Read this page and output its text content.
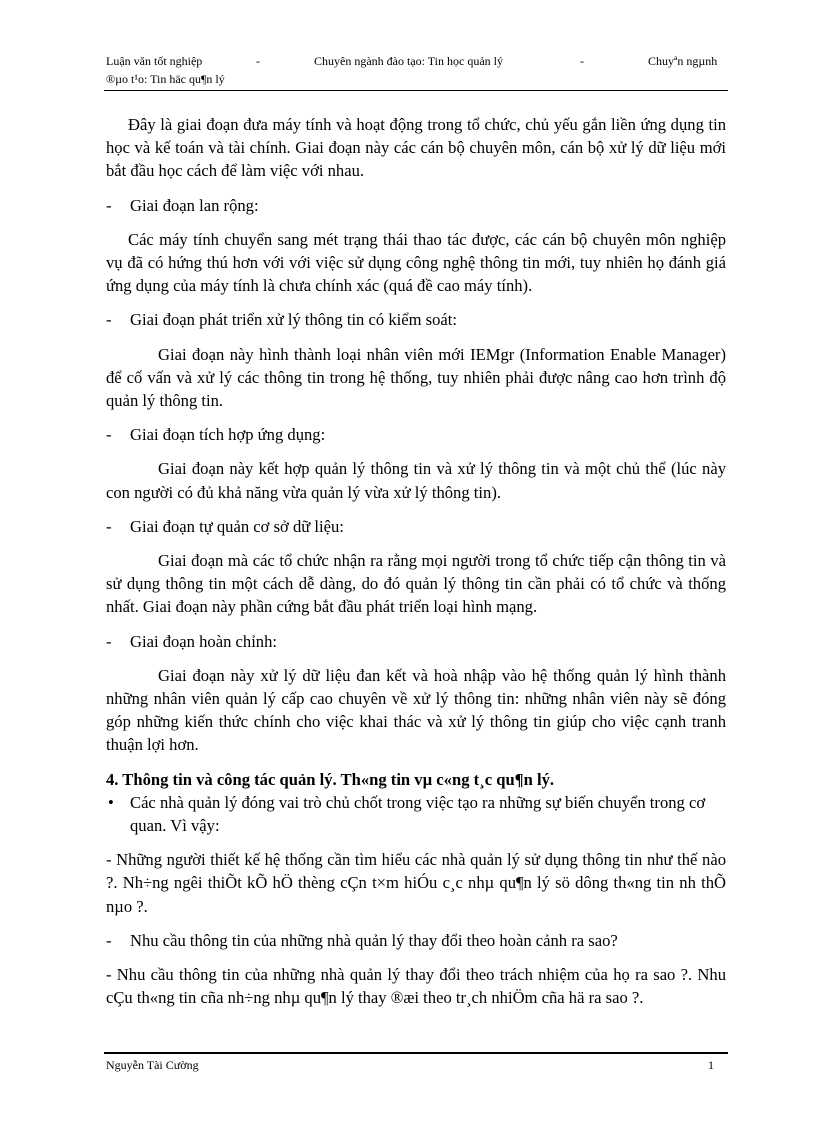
Luận văn tốt nghiệp
®µo t¹o: Tin häc qu¶n lý
-	Chuyên ngành đào tạo: Tin học quản lý	-	Chuyªn ngµnh

Đây là giai đoạn đưa máy tính và hoạt động trong tổ chức, chủ yếu gắn liền ứng dụng tin học và kế toán và tài chính. Giai đoạn này các cán bộ chuyên môn, cán bộ xử lý dữ liệu mới bắt đầu học cách để làm việc với nhau.

-	Giai đoạn lan rộng:

Các máy tính chuyển sang mét trạng thái thao tác được, các cán bộ chuyên môn nghiệp vụ đã có hứng thú hơn với với việc sử dụng công nghệ thông tin mới, tuy nhiên họ đánh giá ứng dụng của máy tính là chưa chính xác (quá đề cao máy tính).

-	Giai đoạn phát triển xử lý thông tin có kiểm soát:

Giai đoạn này hình thành loại nhân viên mới IEMgr (Information Enable Manager) để cố vấn và xử lý các thông tin trong hệ thống, tuy nhiên phải được nâng cao hơn trình độ quản lý thông tin.

-	Giai đoạn tích hợp ứng dụng:

Giai đoạn này kết hợp quản lý thông tin và xử lý thông tin và một chủ thể (lúc này con người có đủ khả năng vừa quản lý vừa xử lý thông tin).

-	Giai đoạn tự quản cơ sở dữ liệu:

Giai đoạn mà các tổ chức nhận ra rằng mọi người trong tổ chức tiếp cận thông tin và sử dụng thông tin một cách dễ dàng, do đó quản lý thông tin cần phải có tổ chức và thống nhất. Giai đoạn này phần cứng bắt đầu phát triển loại hình mạng.

-	Giai đoạn hoàn chỉnh:

Giai đoạn này xử lý dữ liệu đan kết và hoà nhập vào hệ thống quản lý hình thành những nhân viên quản lý cấp cao chuyên về xử lý thông tin: những nhân viên này sẽ đóng góp những kiến thức chính cho việc khai thác và xử lý thông tin giúp cho việc cạnh tranh thuận lợi hơn.

4. Thông tin và công tác quản lý. Th«ng tin vµ c«ng t¸c qu¶n lý.

• Các nhà quản lý đóng vai trò chủ chốt trong việc tạo ra những sự biến chuyển trong cơ quan. Vì vậy:

- Những người thiết kế hệ thống cần tìm hiểu các nhà quản lý sử dụng thông tin như thế nào ?. Nh÷ng ngêi thiÕt kÕ hÖ thèng cÇn t×m hiÓu c¸c nhµ qu¶n lý sö dông th«ng tin nh thÕ nµo ?.

-	Nhu cầu thông tin của những nhà quản lý thay đổi theo hoàn cảnh ra sao?

- Nhu cầu thông tin của những nhà quản lý thay đổi theo trách nhiệm của họ ra sao ?. Nhu cÇu th«ng tin cña nh÷ng nhµ qu¶n lý thay ®æi theo tr¸ch nhiÖm cña hä ra sao ?.

Nguyễn Tài Cường	1
